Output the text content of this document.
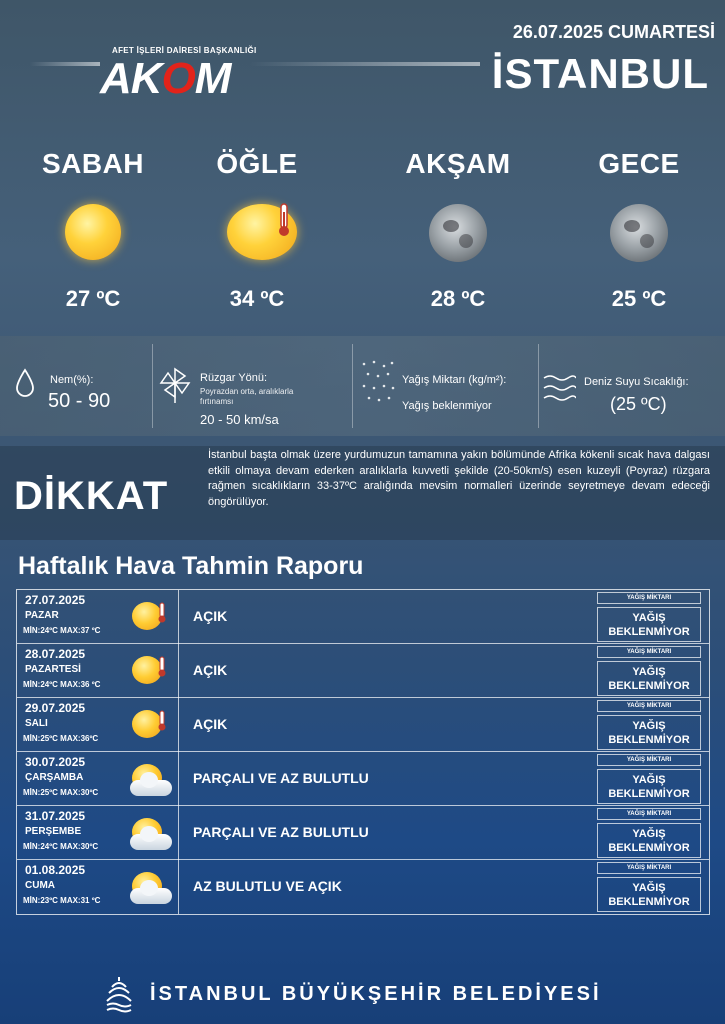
AFET İŞLERİ DAİRESİ BAŞKANLIĞI
AKOM
26.07.2025 CUMARTESİ
İSTANBUL
SABAH
27 ºC
ÖĞLE
34 ºC
AKŞAM
28 ºC
GECE
25 ºC
Nem(%):
50 - 90
Rüzgar Yönü:
Poyrazdan orta, aralıklarla fırtınamsı
20 - 50 km/sa
Yağış Miktarı (kg/m²):
Yağış beklenmiyor
Deniz Suyu Sıcaklığı:
(25 ºC)
DİKKAT
İstanbul başta olmak üzere yurdumuzun tamamına yakın bölümünde Afrika kökenli sıcak hava dalgası etkili olmaya devam ederken aralıklarla kuvvetli şekilde (20-50km/s) esen kuzeyli (Poyraz) rüzgara rağmen sıcaklıkların 33-37ºC aralığında mevsim normalleri üzerinde seyretmeye devam edeceği öngörülüyor.
Haftalık Hava Tahmin Raporu
27.07.2025
PAZAR
MİN:24ºC MAX:37 ºC
AÇIK
YAĞIŞ MİKTARI
YAĞIŞ BEKLENMİYOR
28.07.2025
PAZARTESİ
MİN:24ºC MAX:36 ºC
AÇIK
YAĞIŞ MİKTARI
YAĞIŞ BEKLENMİYOR
29.07.2025
SALI
MİN:25ºC MAX:36ºC
AÇIK
YAĞIŞ MİKTARI
YAĞIŞ BEKLENMİYOR
30.07.2025
ÇARŞAMBA
MİN:25ºC MAX:30ºC
PARÇALI VE AZ BULUTLU
YAĞIŞ MİKTARI
YAĞIŞ BEKLENMİYOR
31.07.2025
PERŞEMBE
MİN:24ºC MAX:30ºC
PARÇALI VE AZ BULUTLU
YAĞIŞ MİKTARI
YAĞIŞ BEKLENMİYOR
01.08.2025
CUMA
MİN:23ºC MAX:31 ºC
AZ BULUTLU VE AÇIK
YAĞIŞ MİKTARI
YAĞIŞ BEKLENMİYOR
İSTANBUL BÜYÜKŞEHİR BELEDİYESİ
